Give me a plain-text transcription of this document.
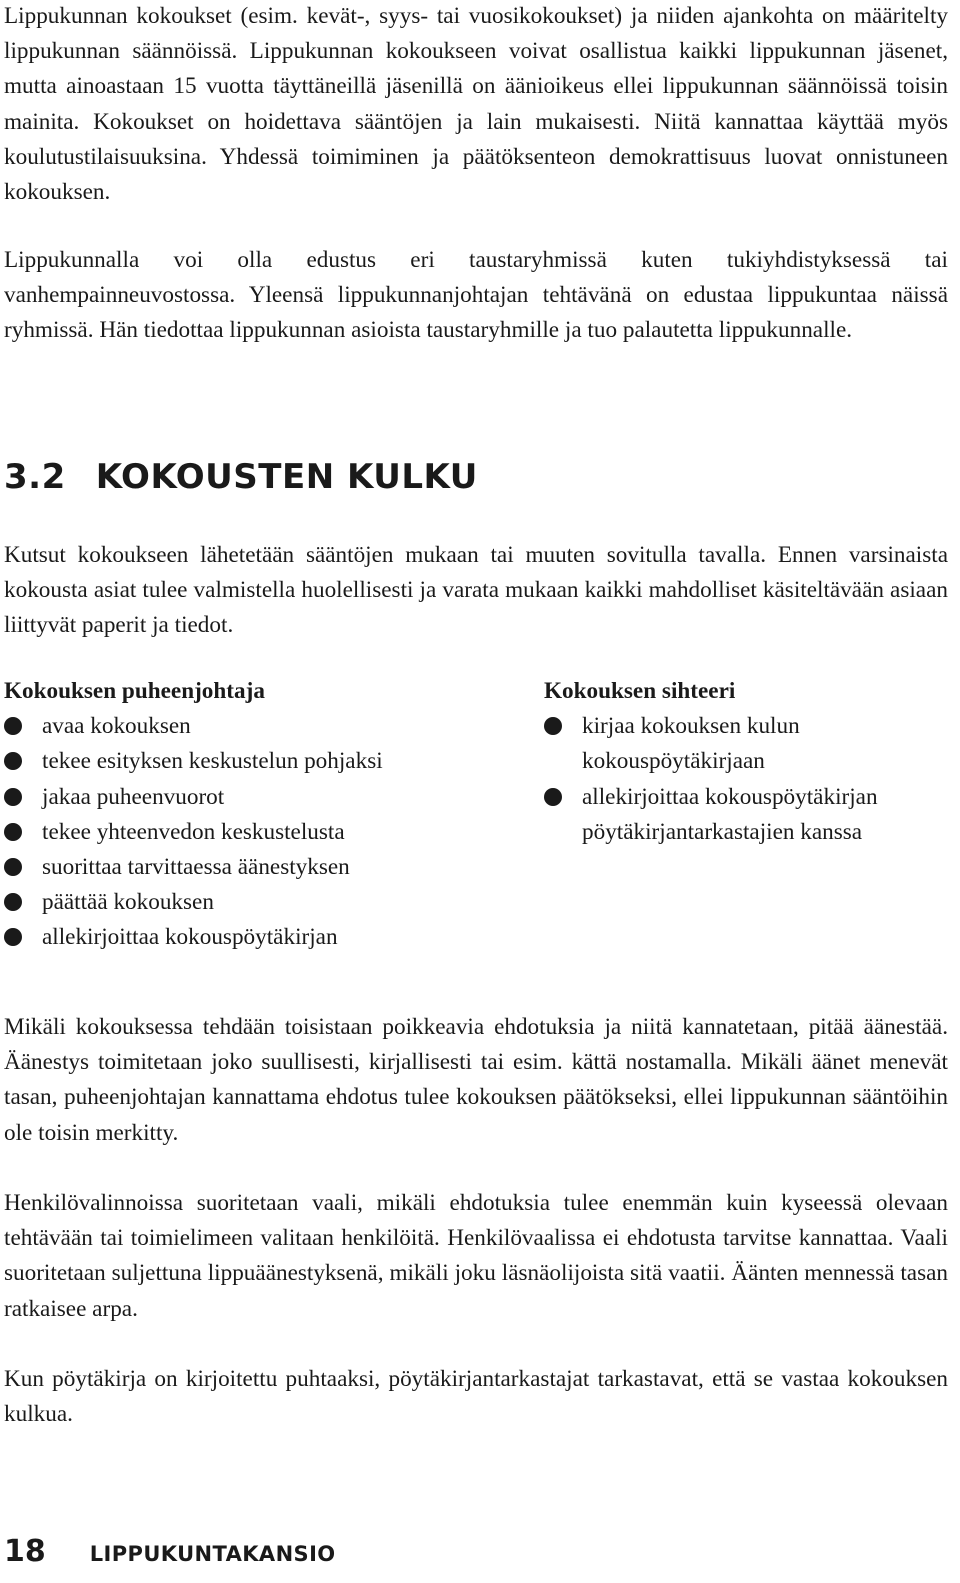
Lippukunnan kokoukset (esim. kevät-, syys- tai vuosikokoukset) ja niiden ajankohta on määritelty lippukunnan säännöissä. Lippukunnan kokoukseen voivat osallistua kaikki lippukunnan jäsenet, mutta ainoastaan 15 vuotta täyttäneillä jäsenillä on äänioikeus ellei lippukunnan säännöissä toisin mainita. Kokoukset on hoidettava sääntöjen ja lain mukaisesti. Niitä kannattaa käyttää myös koulutustilaisuuksina. Yhdessä toimiminen ja päätöksenteon demokrattisuus luovat onnistuneen kokouksen.

Lippukunnalla voi olla edustus eri taustaryhmissä kuten tukiyhdistyksessä tai vanhempainneuvostossa. Yleensä lippukunnanjohtajan tehtävänä on edustaa lippukuntaa näissä ryhmissä. Hän tiedottaa lippukunnan asioista taustaryhmille ja tuo palautetta lippukunnalle.

3.2 KOKOUSTEN KULKU

Kutsut kokoukseen lähetetään sääntöjen mukaan tai muuten sovitulla tavalla. Ennen varsinaista kokousta asiat tulee valmistella huolellisesti ja varata mukaan kaikki mahdolliset käsiteltävään asiaan liittyvät paperit ja tiedot.

Kokouksen puheenjohtaja

avaa kokouksen
tekee esityksen keskustelun pohjaksi
jakaa puheenvuorot
tekee yhteenvedon keskustelusta
suorittaa tarvittaessa äänestyksen
päättää kokouksen
allekirjoittaa kokouspöytäkirjan

Kokouksen sihteeri

kirjaa kokouksen kulun kokouspöytäkirjaan
allekirjoittaa kokouspöytäkirjan pöytäkirjantarkastajien kanssa

Mikäli kokouksessa tehdään toisistaan poikkeavia ehdotuksia ja niitä kannatetaan, pitää äänestää. Äänestys toimitetaan joko suullisesti, kirjallisesti tai esim. kättä nostamalla. Mikäli äänet menevät tasan, puheenjohtajan kannattama ehdotus tulee kokouksen päätökseksi, ellei lippukunnan sääntöihin ole toisin merkitty.

Henkilövalinnoissa suoritetaan vaali, mikäli ehdotuksia tulee enemmän kuin kyseessä olevaan tehtävään tai toimielimeen valitaan henkilöitä. Henkilövaalissa ei ehdotusta tarvitse kannattaa. Vaali suoritetaan suljettuna lippuäänestyksenä, mikäli joku läsnäolijoista sitä vaatii. Äänten mennessä tasan ratkaisee arpa.

Kun pöytäkirja on kirjoitettu puhtaaksi, pöytäkirjantarkastajat tarkastavat, että se vastaa kokouksen kulkua.

18 LIPPUKUNTAKANSIO
